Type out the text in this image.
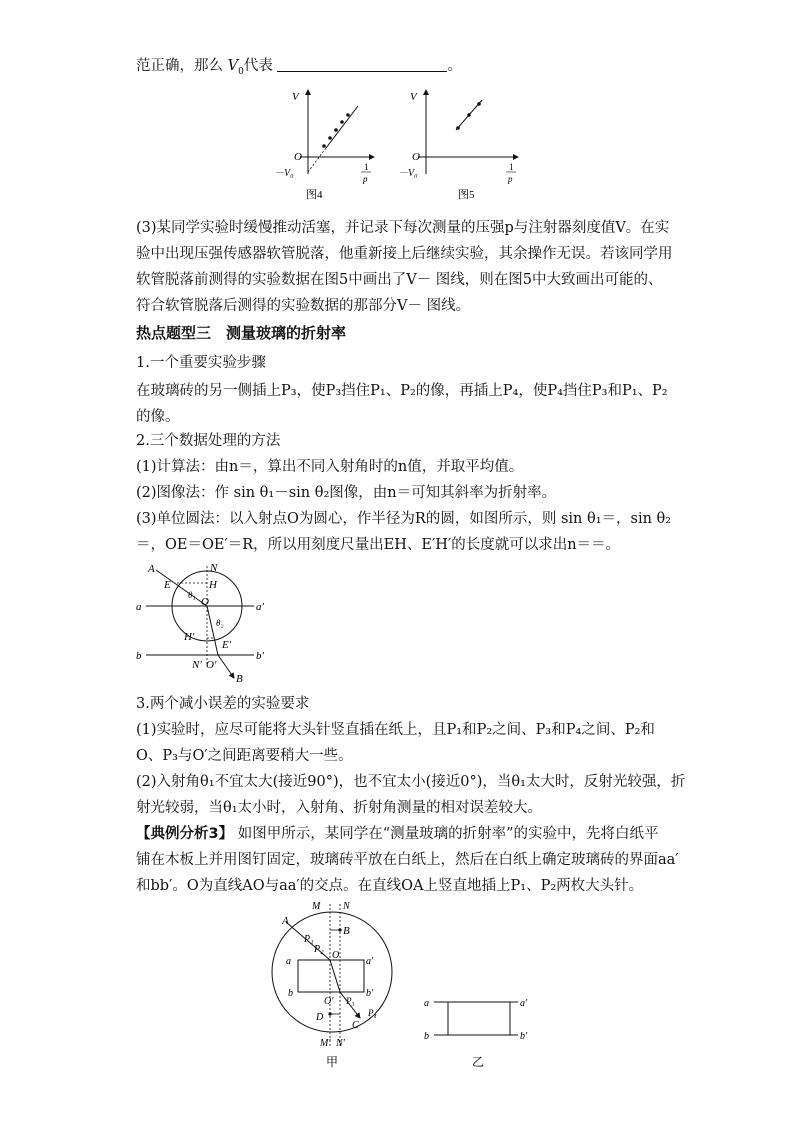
范正确，那么 $V_0$代表	。
V
O
－V₀
1
p
图4
V
O
－V₀
1
p
图5
(3)某同学实验时缓慢推动活塞，并记录下每次测量的压强p与注射器刻度值V。在实
验中出现压强传感器软管脱落，他重新接上后继续实验，其余操作无误。若该同学用
软管脱落前测得的实验数据在图5中画出了V－ 图线，则在图5中大致画出可能的、
符合软管脱落后测得的实验数据的那部分V－ 图线。
热点题型三　测量玻璃的折射率
1.一个重要实验步骤
在玻璃砖的另一侧插上P₃，使P₃挡住P₁、P₂的像，再插上P₄，使P₄挡住P₃和P₁、P₂
的像。
2.三个数据处理的方法
(1)计算法：由n＝，算出不同入射角时的n值，并取平均值。
(2)图像法：作 sin θ₁－sin θ₂图像，由n＝可知其斜率为折射率。
(3)单位圆法：以入射点O为圆心，作半径为R的圆，如图所示，则 sin θ₁＝，sin θ₂
＝，OE＝OE′＝R，所以用刻度尺量出EH、E′H′的长度就可以求出n＝＝。
A	N
E	H
θ₁
O
a	a′
θ₂
H′
E′
b
N′ O′
b′
B
3.两个减小误差的实验要求
(1)实验时，应尽可能将大头针竖直插在纸上，且P₁和P₂之间、P₃和P₄之间、P₂和
O、P₃与O′之间距离要稍大一些。
(2)入射角θ₁不宜太大(接近90°)，也不宜太小(接近0°)，当θ₁太大时，反射光较强，折
射光较弱，当θ₁太小时，入射角、折射角测量的相对误差较大。
【典例分析3】 如图甲所示，某同学在“测量玻璃的折射率”的实验中，先将白纸平
铺在木板上并用图钉固定，玻璃砖平放在白纸上，然后在白纸上确定玻璃砖的界面aa′
和bb′。O为直线AO与aa′的交点。在直线OA上竖直地插上P₁、P₂两枚大头针。
M N
A
B
P₁
P₂
O
a	a′
b	b′
O′ P₃
P₄
C
D
M′ N′
甲
a	a′
b	b′
乙
